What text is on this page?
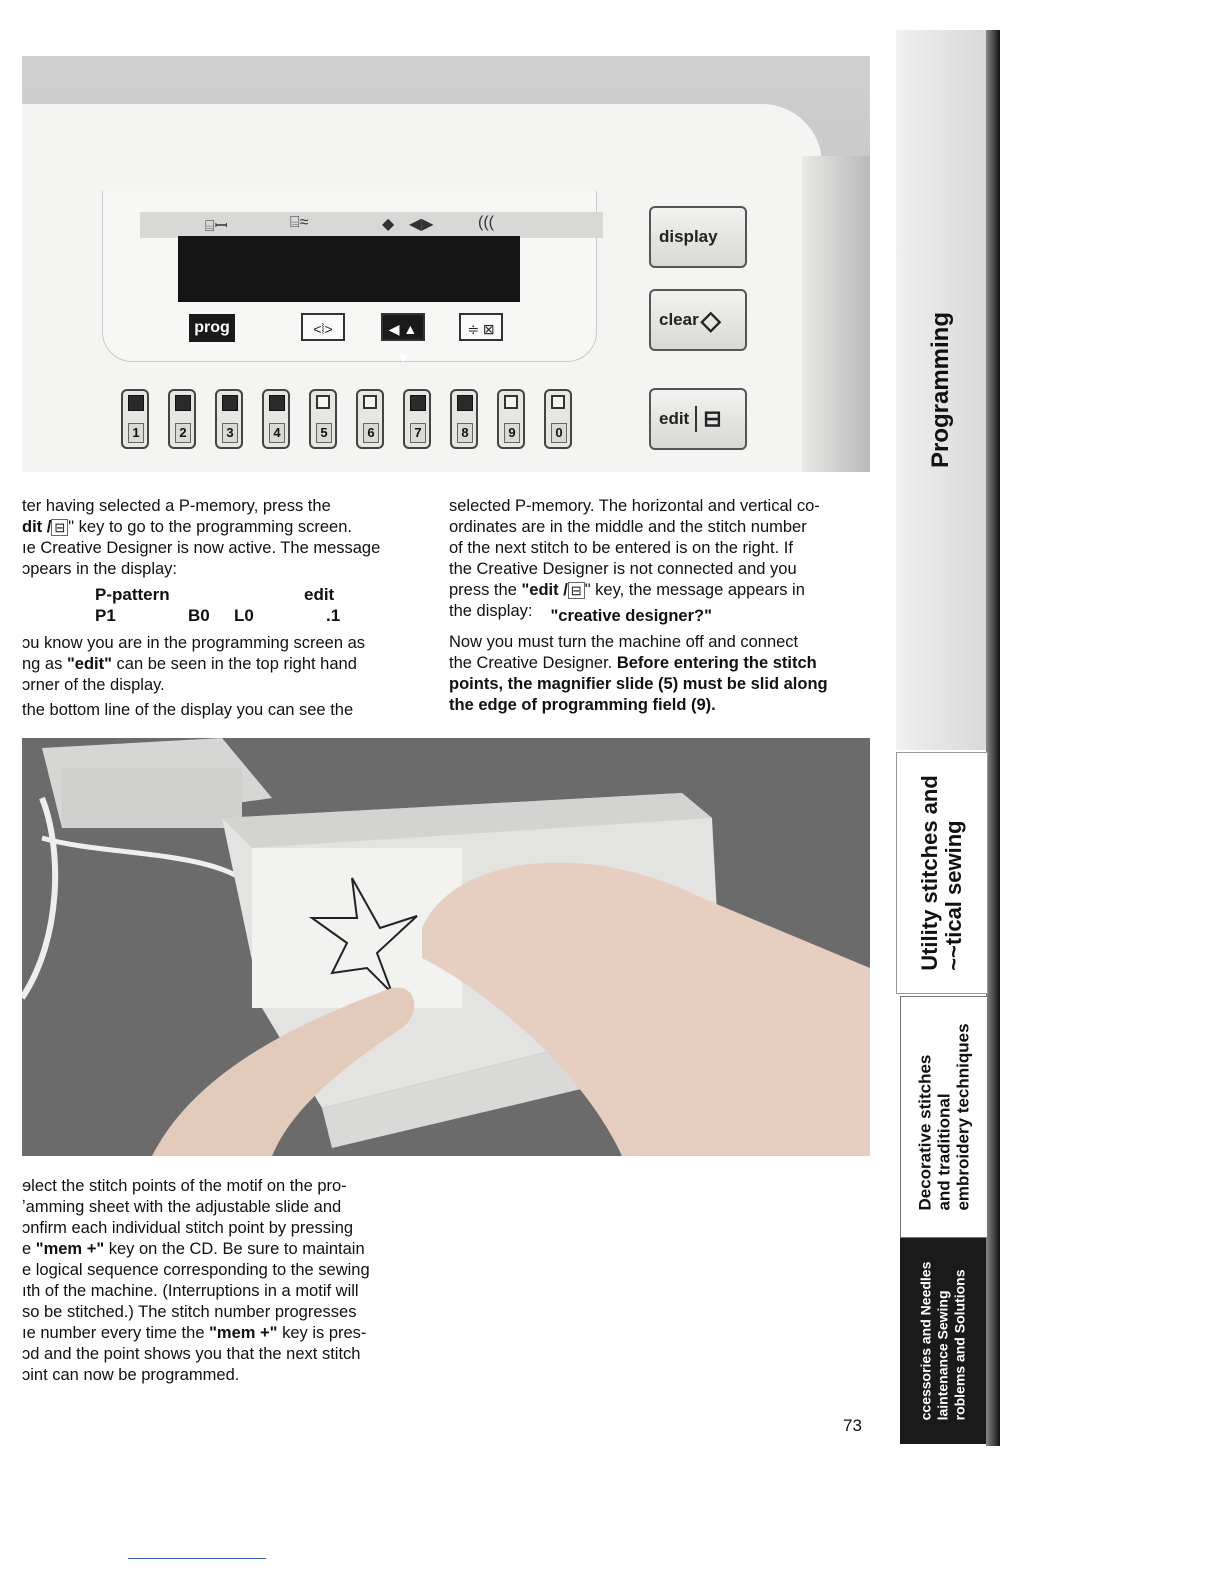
⌸ꟷ	⌸≈	◆ ◀▶	(((
prog	<⦚>	◀ ▲ ▼
≑ ⊠
1	2	3	4	5	6	7	8	9	0
display
clear ◇
edit ⊟

ter having selected a P-memory, press the

dit / ⊟ " key to go to the programming screen.

ıe Creative Designer is now active. The message

ɔpears in the display:

P-pattern	edit
P1	B0 L0	.1

ɔu know you are in the programming screen as

ng as "edit" can be seen in the top right hand

ɔrner of the display.

the bottom line of the display you can see the

selected P-memory. The horizontal and vertical co-

ordinates are in the middle and the stitch number

of the next stitch to be entered is on the right. If

the Creative Designer is not connected and you

press the "edit / ⊟ " key, the message appears in

the display: "creative designer?"

Now you must turn the machine off and connect

the Creative Designer. Before entering the stitch

points, the magnifier slide (5) must be slid along

the edge of programming field (9).

ɘlect the stitch points of the motif on the pro-

ʼamming sheet with the adjustable slide and

ɔnfirm each individual stitch point by pressing

e "mem +" key on the CD. Be sure to maintain

e logical sequence corresponding to the sewing

ıth of the machine. (Interruptions in a motif will

so be stitched.) The stitch number progresses

ıe number every time the "mem +" key is pres-

ɔd and the point shows you that the next stitch

ɔint can now be programmed.

Programming
Utility stitches and ~~tical sewing
Decorative stitches and traditional embroidery techniques
ccessories and Needles laintenance Sewing roblems and Solutions
73
